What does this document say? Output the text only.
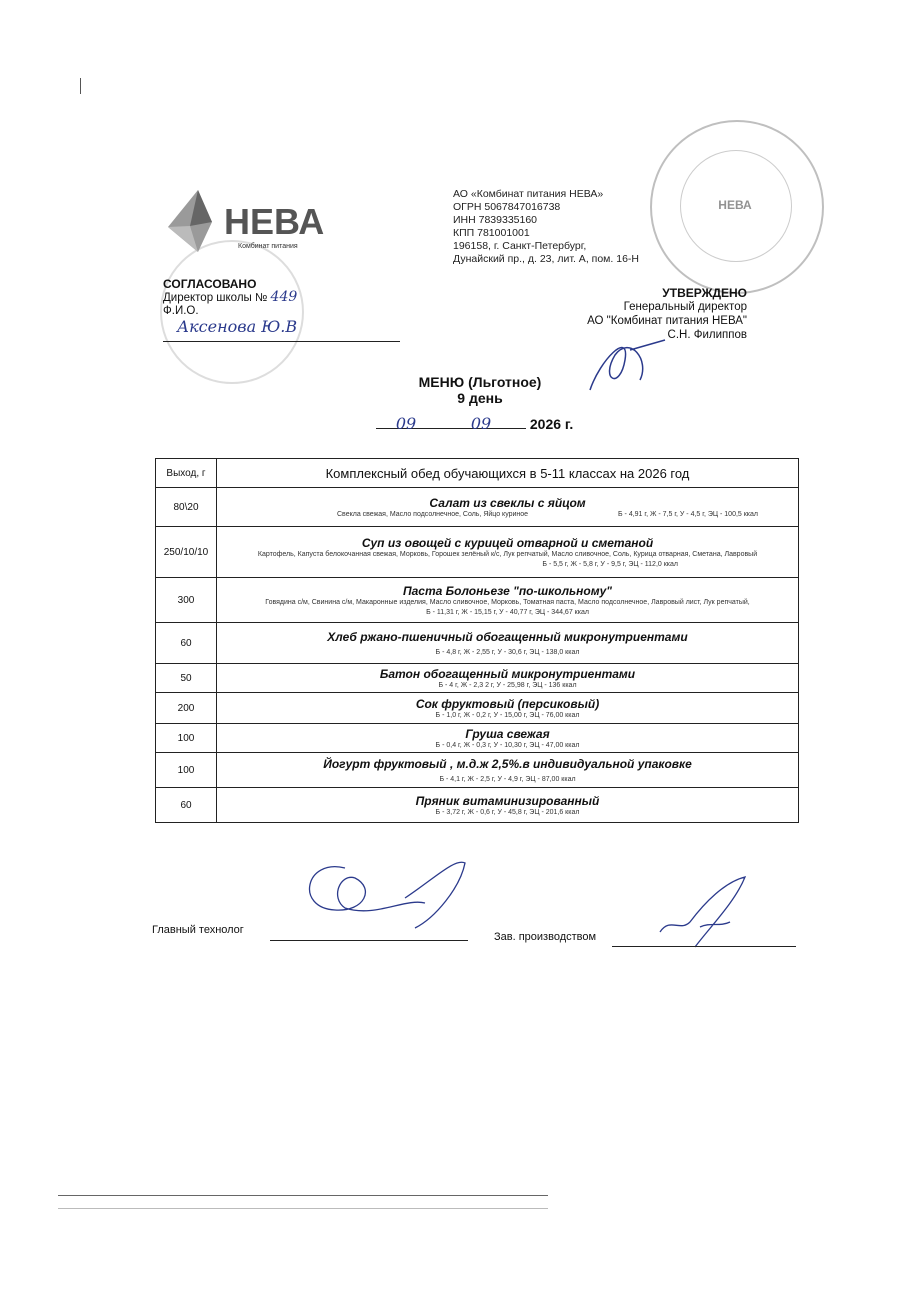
НЕВА
Комбинат питания
АО «Комбинат питания НЕВА»
ОГРН 5067847016738
ИНН 7839335160
КПП 781001001
196158, г. Санкт-Петербург,
Дунайский пр., д. 23, лит. А, пом. 16-Н
НЕВА
СОГЛАСОВАНО
Директор школы № 449
Ф.И.О.
Аксенова Ю.В
УТВЕРЖДЕНО
Генеральный директор
АО "Комбинат питания НЕВА"
С.Н. Филиппов
МЕНЮ (Льготное)
9 день
09	09	2026 г.
Выход, г	Комплексный обед обучающихся в 5-11 классах на 2026 год
80\20	Салат из свеклы с яйцом
Свекла свежая, Масло подсолнечное, Соль, Яйцо куриное Б - 4,91 г, Ж - 7,5 г, У - 4,5 г, ЭЦ - 100,5 ккал

250/10/10	Суп из овощей с курицей отварной и сметаной
Картофель, Капуста белокочанная свежая, Морковь, Горошек зелёный к/с, Лук репчатый, Масло сливочное, Соль, Курица отварная, Сметана, Лавровый
Б - 5,5 г, Ж - 5,8 г, У - 9,5 г, ЭЦ - 112,0 ккал

300	Паста Болоньезе "по-школьному"
Говядина с/м, Свинина с/м, Макаронные изделия, Масло сливочное, Морковь, Томатная паста, Масло подсолнечное, Лавровый лист, Лук репчатый,
Б - 11,31 г, Ж - 15,15 г, У - 40,77 г, ЭЦ - 344,67 ккал

60	Хлеб ржано-пшеничный обогащенный микронутриентами
Б - 4,8 г, Ж - 2,55 г, У - 30,6 г, ЭЦ - 138,0 ккал

50	Батон обогащенный микронутриентами
Б - 4 г, Ж - 2,3 2 г, У - 25,98 г, ЭЦ - 136 ккал

200	Сок фруктовый (персиковый)
Б - 1,0 г, Ж - 0,2 г, У - 15,00 г, ЭЦ - 76,00 ккал

100	Груша свежая
Б - 0,4 г, Ж - 0,3 г, У - 10,30 г, ЭЦ - 47,00 ккал

100	Йогурт фруктовый , м.д.ж 2,5%.в индивидуальной упаковке
Б - 4,1 г, Ж - 2,5 г, У - 4,9 г, ЭЦ - 87,00 ккал

60	Пряник витаминизированный
Б - 3,72 г, Ж - 0,6 г, У - 45,8 г, ЭЦ - 201,6 ккал
Главный технолог
Зав. производством
